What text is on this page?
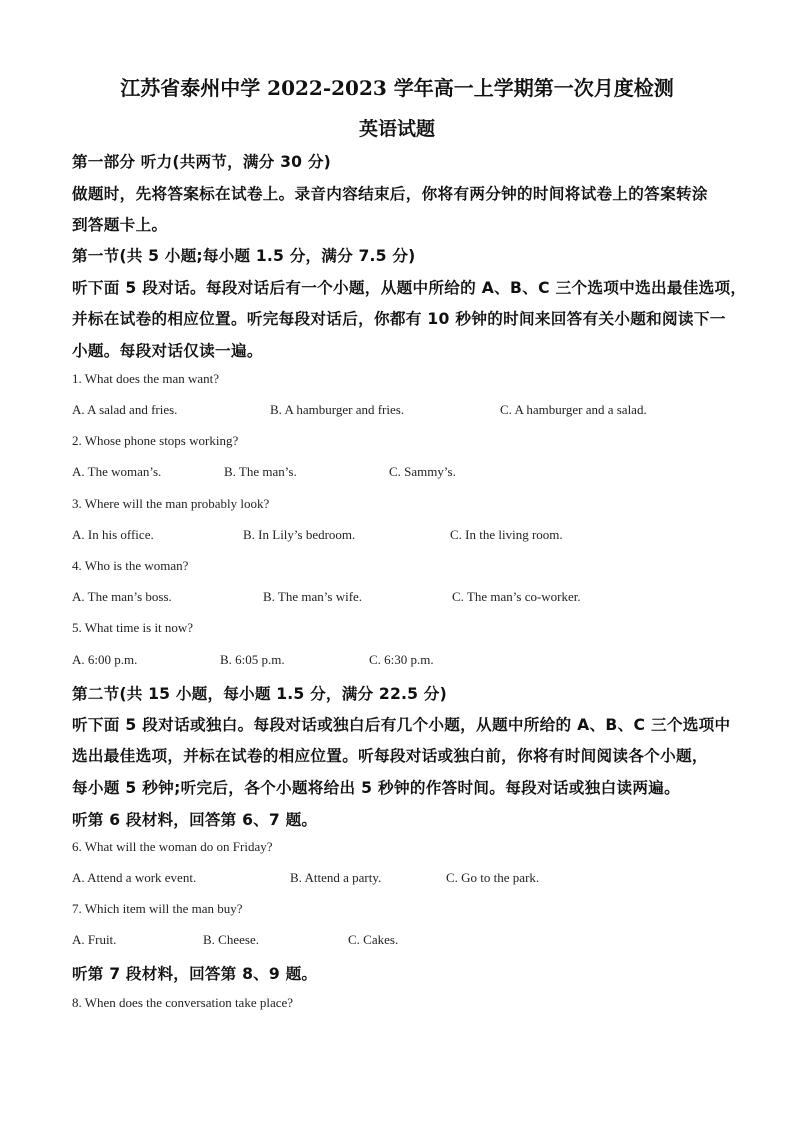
江苏省泰州中学 2022-2023 学年高一上学期第一次月度检测
英语试题
第一部分 听力(共两节，满分 30 分)
做题时，先将答案标在试卷上。录音内容结束后，你将有两分钟的时间将试卷上的答案转涂
到答题卡上。
第一节(共 5 小题;每小题 1.5 分，满分 7.5 分)
听下面 5 段对话。每段对话后有一个小题，从题中所给的 A、B、C 三个选项中选出最佳选项，
并标在试卷的相应位置。听完每段对话后，你都有 10 秒钟的时间来回答有关小题和阅读下一
小题。每段对话仅读一遍。
1. What does the man want?
A. A salad and fries.	B. A hamburger and fries.	C. A hamburger and a salad.
2. Whose phone stops working?
A. The woman’s.	B. The man’s.	C. Sammy’s.
3. Where will the man probably look?
A. In his office.	B. In Lily’s bedroom.	C. In the living room.
4. Who is the woman?
A. The man’s boss.	B. The man’s wife.	C. The man’s co-worker.
5. What time is it now?
A. 6:00 p.m.	B. 6:05 p.m.	C. 6:30 p.m.
第二节(共 15 小题，每小题 1.5 分，满分 22.5 分)
听下面 5 段对话或独白。每段对话或独白后有几个小题，从题中所给的 A、B、C 三个选项中
选出最佳选项，并标在试卷的相应位置。听每段对话或独白前，你将有时间阅读各个小题，
每小题 5 秒钟;听完后，各个小题将给出 5 秒钟的作答时间。每段对话或独白读两遍。
听第 6 段材料，回答第 6、7 题。
6. What will the woman do on Friday?
A. Attend a work event.	B. Attend a party.	C. Go to the park.
7. Which item will the man buy?
A. Fruit.	B. Cheese.	C. Cakes.
听第 7 段材料，回答第 8、9 题。
8. When does the conversation take place?
